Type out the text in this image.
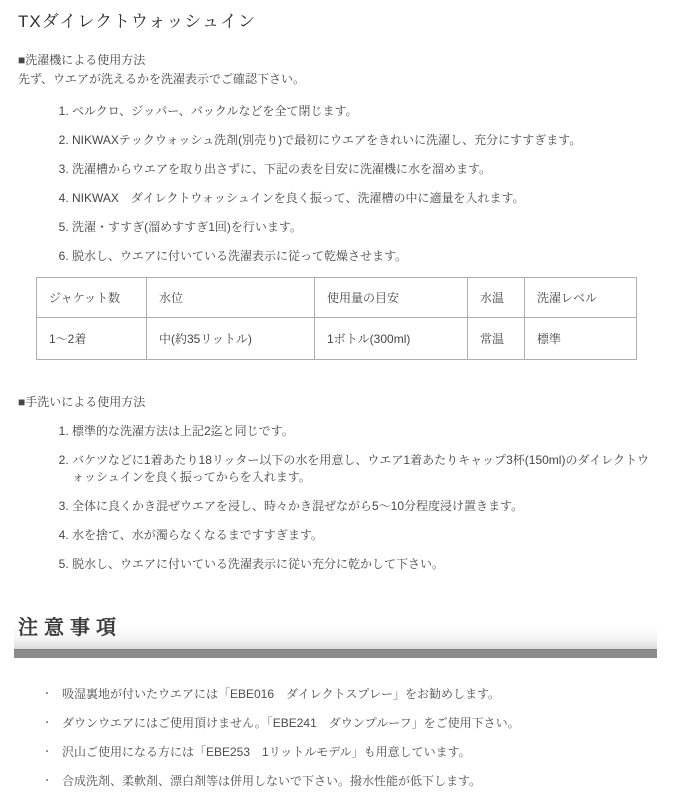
TXダイレクトウォッシュイン
■洗濯機による使用方法
先ず、ウエアが洗えるかを洗濯表示でご確認下さい。
1. ベルクロ、ジッパー、バックルなどを全て閉じます。
2. NIKWAXテックウォッシュ洗剤(別売り)で最初にウエアをきれいに洗濯し、充分にすすぎます。
3. 洗濯槽からウエアを取り出さずに、下記の表を目安に洗濯機に水を溜めます。
4. NIKWAX　ダイレクトウォッシュインを良く振って、洗濯槽の中に適量を入れます。
5. 洗濯・すすぎ(溜めすすぎ1回)を行います。
6. 脱水し、ウエアに付いている洗濯表示に従って乾燥させます。
ジャケット数	水位	使用量の目安	水温	洗濯レベル
1〜2着	中(約35リットル)	1ボトル(300ml)	常温	標準
■手洗いによる使用方法
1. 標準的な洗濯方法は上記2迄と同じです。
2. バケツなどに1着あたり18リッター以下の水を用意し、ウエア1着あたりキャップ3杯(150ml)のダイレクトウォッシュインを良く振ってからを入れます。
3. 全体に良くかき混ぜウエアを浸し、時々かき混ぜながら5〜10分程度浸け置きます。
4. 水を捨て、水が濁らなくなるまですすぎます。
5. 脱水し、ウエアに付いている洗濯表示に従い充分に乾かして下さい。
注意事項
・ 吸湿裏地が付いたウエアには「EBE016　ダイレクトスプレー」をお勧めします。
・ ダウンウエアにはご使用頂けません。「EBE241　ダウンプルーフ」をご使用下さい。
・ 沢山ご使用になる方には「EBE253　1リットルモデル」も用意しています。
・ 合成洗剤、柔軟剤、漂白剤等は併用しないで下さい。撥水性能が低下します。
